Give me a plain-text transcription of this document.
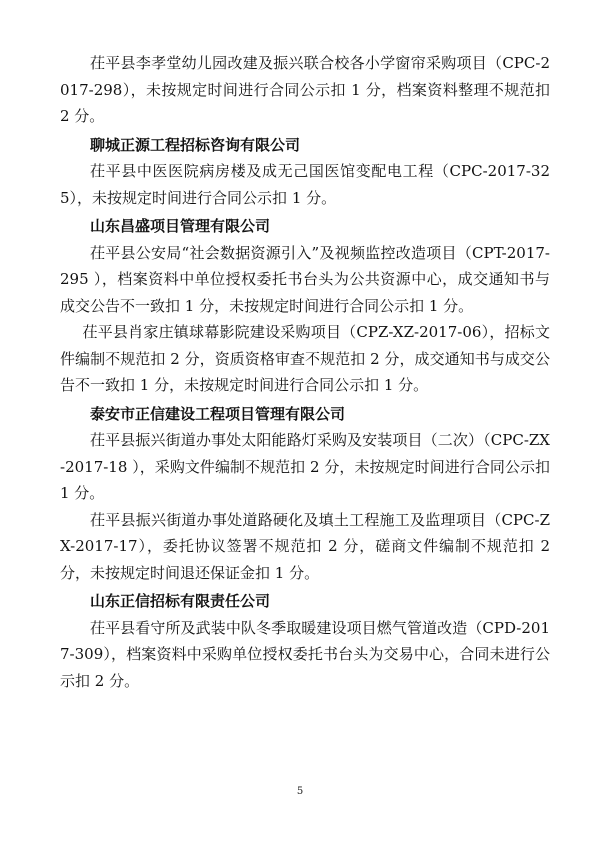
茌平县李孝堂幼儿园改建及振兴联合校各小学窗帘采购项目（CPC-2017-298），未按规定时间进行合同公示扣 1 分，档案资料整理不规范扣 2 分。

聊城正源工程招标咨询有限公司

茌平县中医医院病房楼及成无己国医馆变配电工程（CPC-2017-325），未按规定时间进行合同公示扣 1 分。

山东昌盛项目管理有限公司

茌平县公安局“社会数据资源引入”及视频监控改造项目（CPT-2017-295 ），档案资料中单位授权委托书台头为公共资源中心，成交通知书与成交公告不一致扣 1 分，未按规定时间进行合同公示扣 1 分。

茌平县肖家庄镇球幕影院建设采购项目（CPZ-XZ-2017-06），招标文件编制不规范扣 2 分，资质资格审查不规范扣 2 分，成交通知书与成交公告不一致扣 1 分，未按规定时间进行合同公示扣 1 分。

泰安市正信建设工程项目管理有限公司

茌平县振兴街道办事处太阳能路灯采购及安装项目（二次）（CPC-ZX-2017-18 ），采购文件编制不规范扣 2 分，未按规定时间进行合同公示扣 1 分。

茌平县振兴街道办事处道路硬化及填土工程施工及监理项目（CPC-ZX-2017-17），委托协议签署不规范扣 2 分，磋商文件编制不规范扣 2 分，未按规定时间退还保证金扣 1 分。

山东正信招标有限责任公司

茌平县看守所及武装中队冬季取暖建设项目燃气管道改造（CPD-2017-309），档案资料中采购单位授权委托书台头为交易中心，合同未进行公示扣 2 分。

5
